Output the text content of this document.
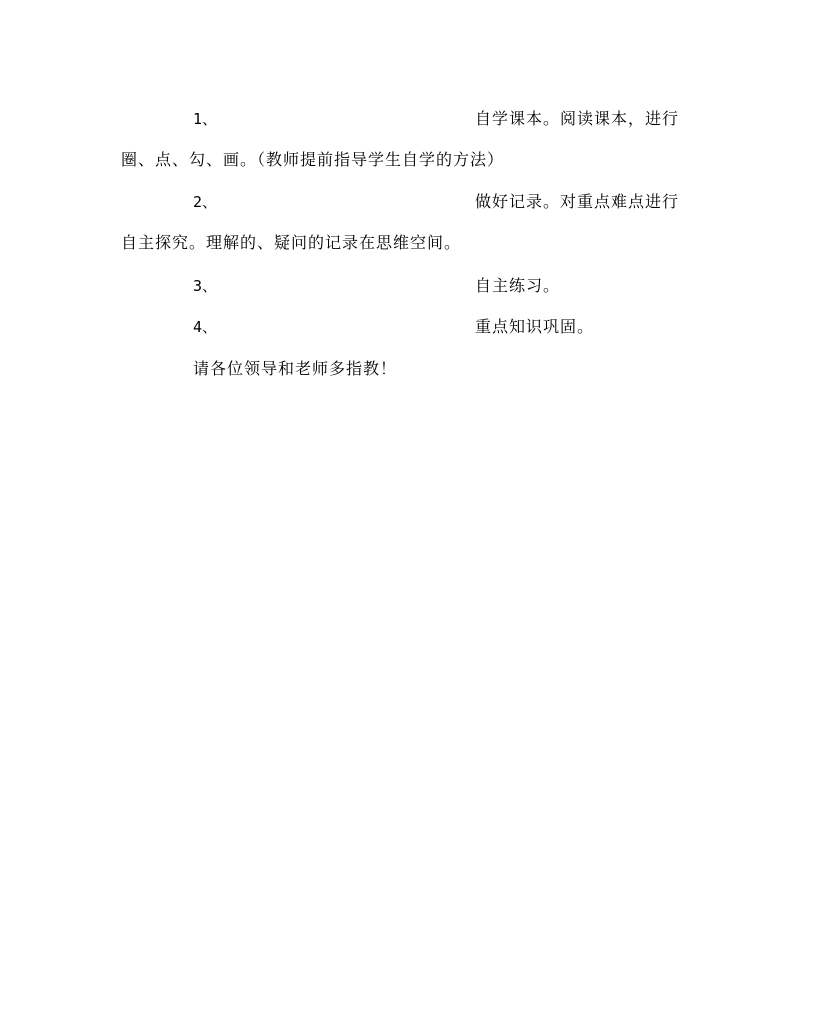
1、	自学课本。阅读课本，进行
圈、点、勾、画。（教师提前指导学生自学的方法）
2、	做好记录。对重点难点进行
自主探究。理解的、疑问的记录在思维空间。
3、	自主练习。
4、	重点知识巩固。
请各位领导和老师多指教！
